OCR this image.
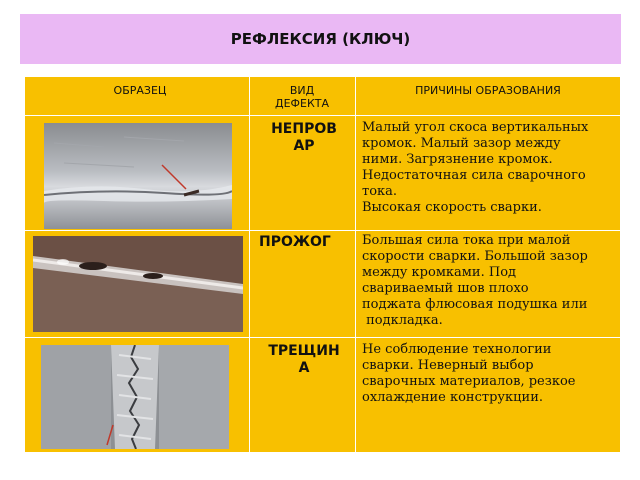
РЕФЛЕКСИЯ (КЛЮЧ)
ОБРАЗЕЦ	ВИД
ДЕФЕКТА
ПРИЧИНЫ ОБРАЗОВАНИЯ
НЕПРОВ
АР
Малый угол скоса вертикальных
кромок. Малый зазор между
ними. Загрязнение кромок.
Недостаточная сила сварочного
тока.
Высокая скорость сварки.
ПРОЖОГ	Большая сила тока при малой
скорости сварки. Большой зазор
между кромками. Под
свариваемый шов плохо
поджата флюсовая подушка или
подкладка.
ТРЕЩИН
А
Не соблюдение технологии
сварки. Неверный выбор
сварочных материалов, резкое
охлаждение конструкции.
